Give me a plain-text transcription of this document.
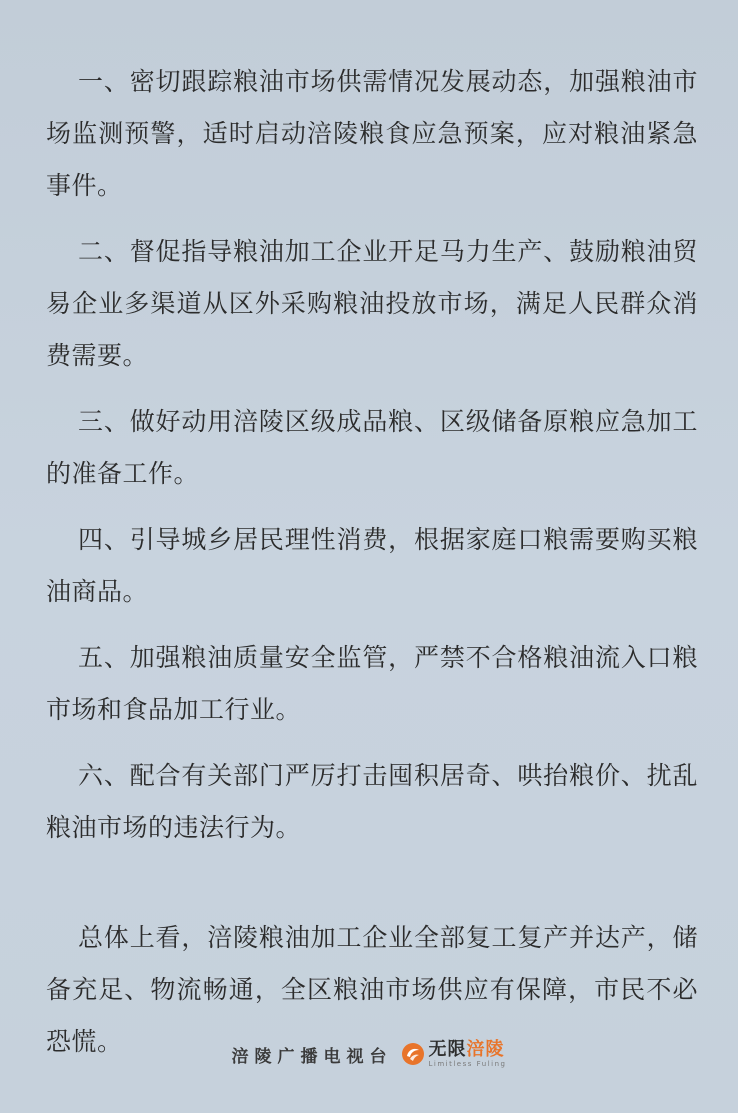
一、密切跟踪粮油市场供需情况发展动态，加强粮油市场监测预警，适时启动涪陵粮食应急预案，应对粮油紧急事件。

二、督促指导粮油加工企业开足马力生产、鼓励粮油贸易企业多渠道从区外采购粮油投放市场，满足人民群众消费需要。

三、做好动用涪陵区级成品粮、区级储备原粮应急加工的准备工作。

四、引导城乡居民理性消费，根据家庭口粮需要购买粮油商品。

五、加强粮油质量安全监管，严禁不合格粮油流入口粮市场和食品加工行业。

六、配合有关部门严厉打击囤积居奇、哄抬粮价、扰乱粮油市场的违法行为。

总体上看，涪陵粮油加工企业全部复工复产并达产，储备充足、物流畅通，全区粮油市场供应有保障，市民不必恐慌。

涪陵广播电视台 无限涪陵
Limitless Fuling
